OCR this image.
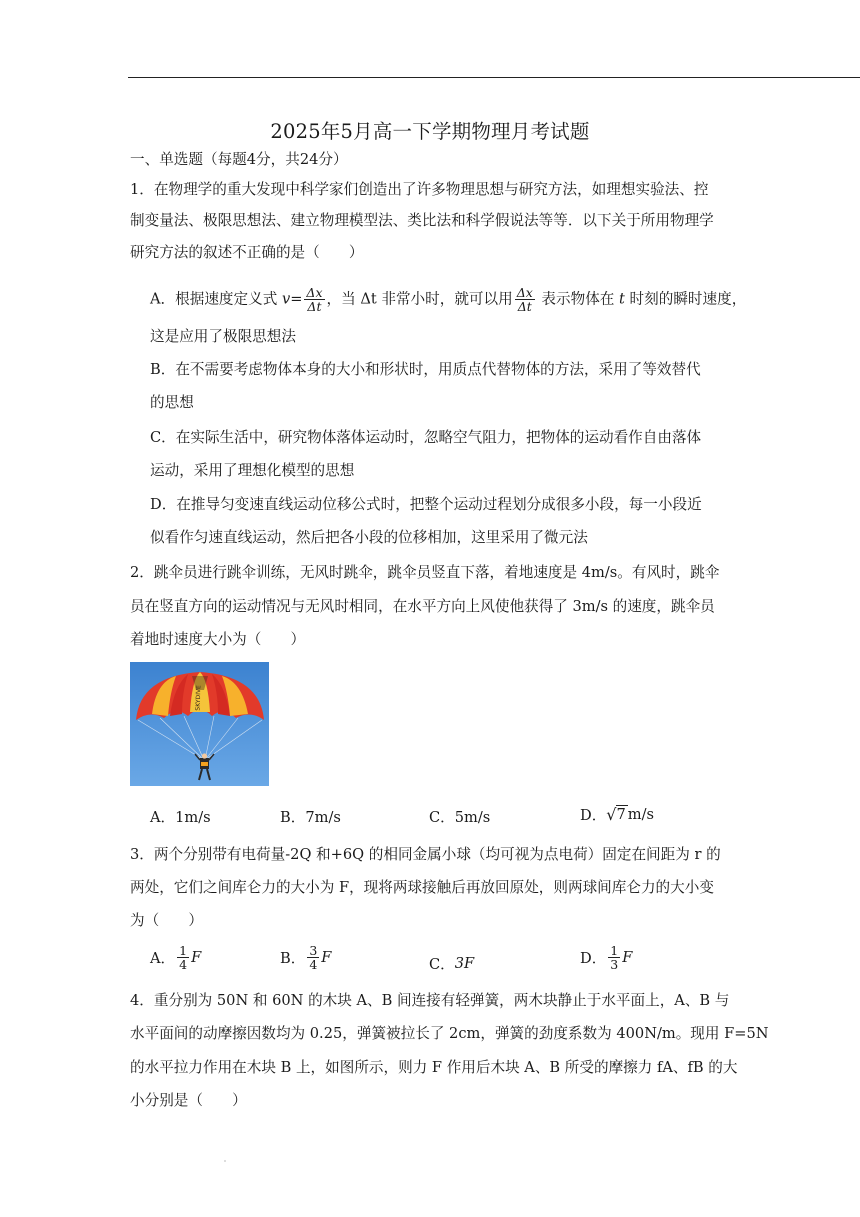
2025年5月高一下学期物理月考试题
一、单选题（每题4分，共24分）
1．在物理学的重大发现中科学家们创造出了许多物理思想与研究方法，如理想实验法、控
制变量法、极限思想法、建立物理模型法、类比法和科学假说法等等．以下关于所用物理学
研究方法的叙述不正确的是（　　）
A．根据速度定义式 $v= \frac{\Delta x}{\Delta t}$ ，当 Δt 非常小时，就可以用 $\frac{\Delta x}{\Delta t}$ 表示物体在 t 时刻的瞬时速度，
这是应用了极限思想法
B．在不需要考虑物体本身的大小和形状时，用质点代替物体的方法，采用了等效替代
的思想
C．在实际生活中，研究物体落体运动时，忽略空气阻力，把物体的运动看作自由落体
运动，采用了理想化模型的思想
D．在推导匀变速直线运动位移公式时，把整个运动过程划分成很多小段，每一小段近
似看作匀速直线运动，然后把各小段的位移相加，这里采用了微元法
2．跳伞员进行跳伞训练，无风时跳伞，跳伞员竖直下落，着地速度是 4m/s。有风时，跳伞
员在竖直方向的运动情况与无风时相同，在水平方向上风使他获得了 3m/s 的速度，跳伞员
着地时速度大小为（　　）
SKYDIVE
A．1m/s	B．7m/s	C．5m/s	D． √ 7 m/s
3．两个分别带有电荷量-2Q 和+6Q 的相同金属小球（均可视为点电荷）固定在间距为 r 的
两处，它们之间库仑力的大小为 F，现将两球接触后再放回原处，则两球间库仑力的大小变
为（　　）
A． $\frac{1}{4}$ F	B． $\frac{3}{4}$ F	C． 3F	D． $\frac{1}{3}$ F
4．重分别为 50N 和 60N 的木块 A、B 间连接有轻弹簧，两木块静止于水平面上，A、B 与
水平面间的动摩擦因数均为 0.25，弹簧被拉长了 2cm，弹簧的劲度系数为 400N/m。现用 F=5N
的水平拉力作用在木块 B 上，如图所示，则力 F 作用后木块 A、B 所受的摩擦力 fA、fB 的大
小分别是（　　）
